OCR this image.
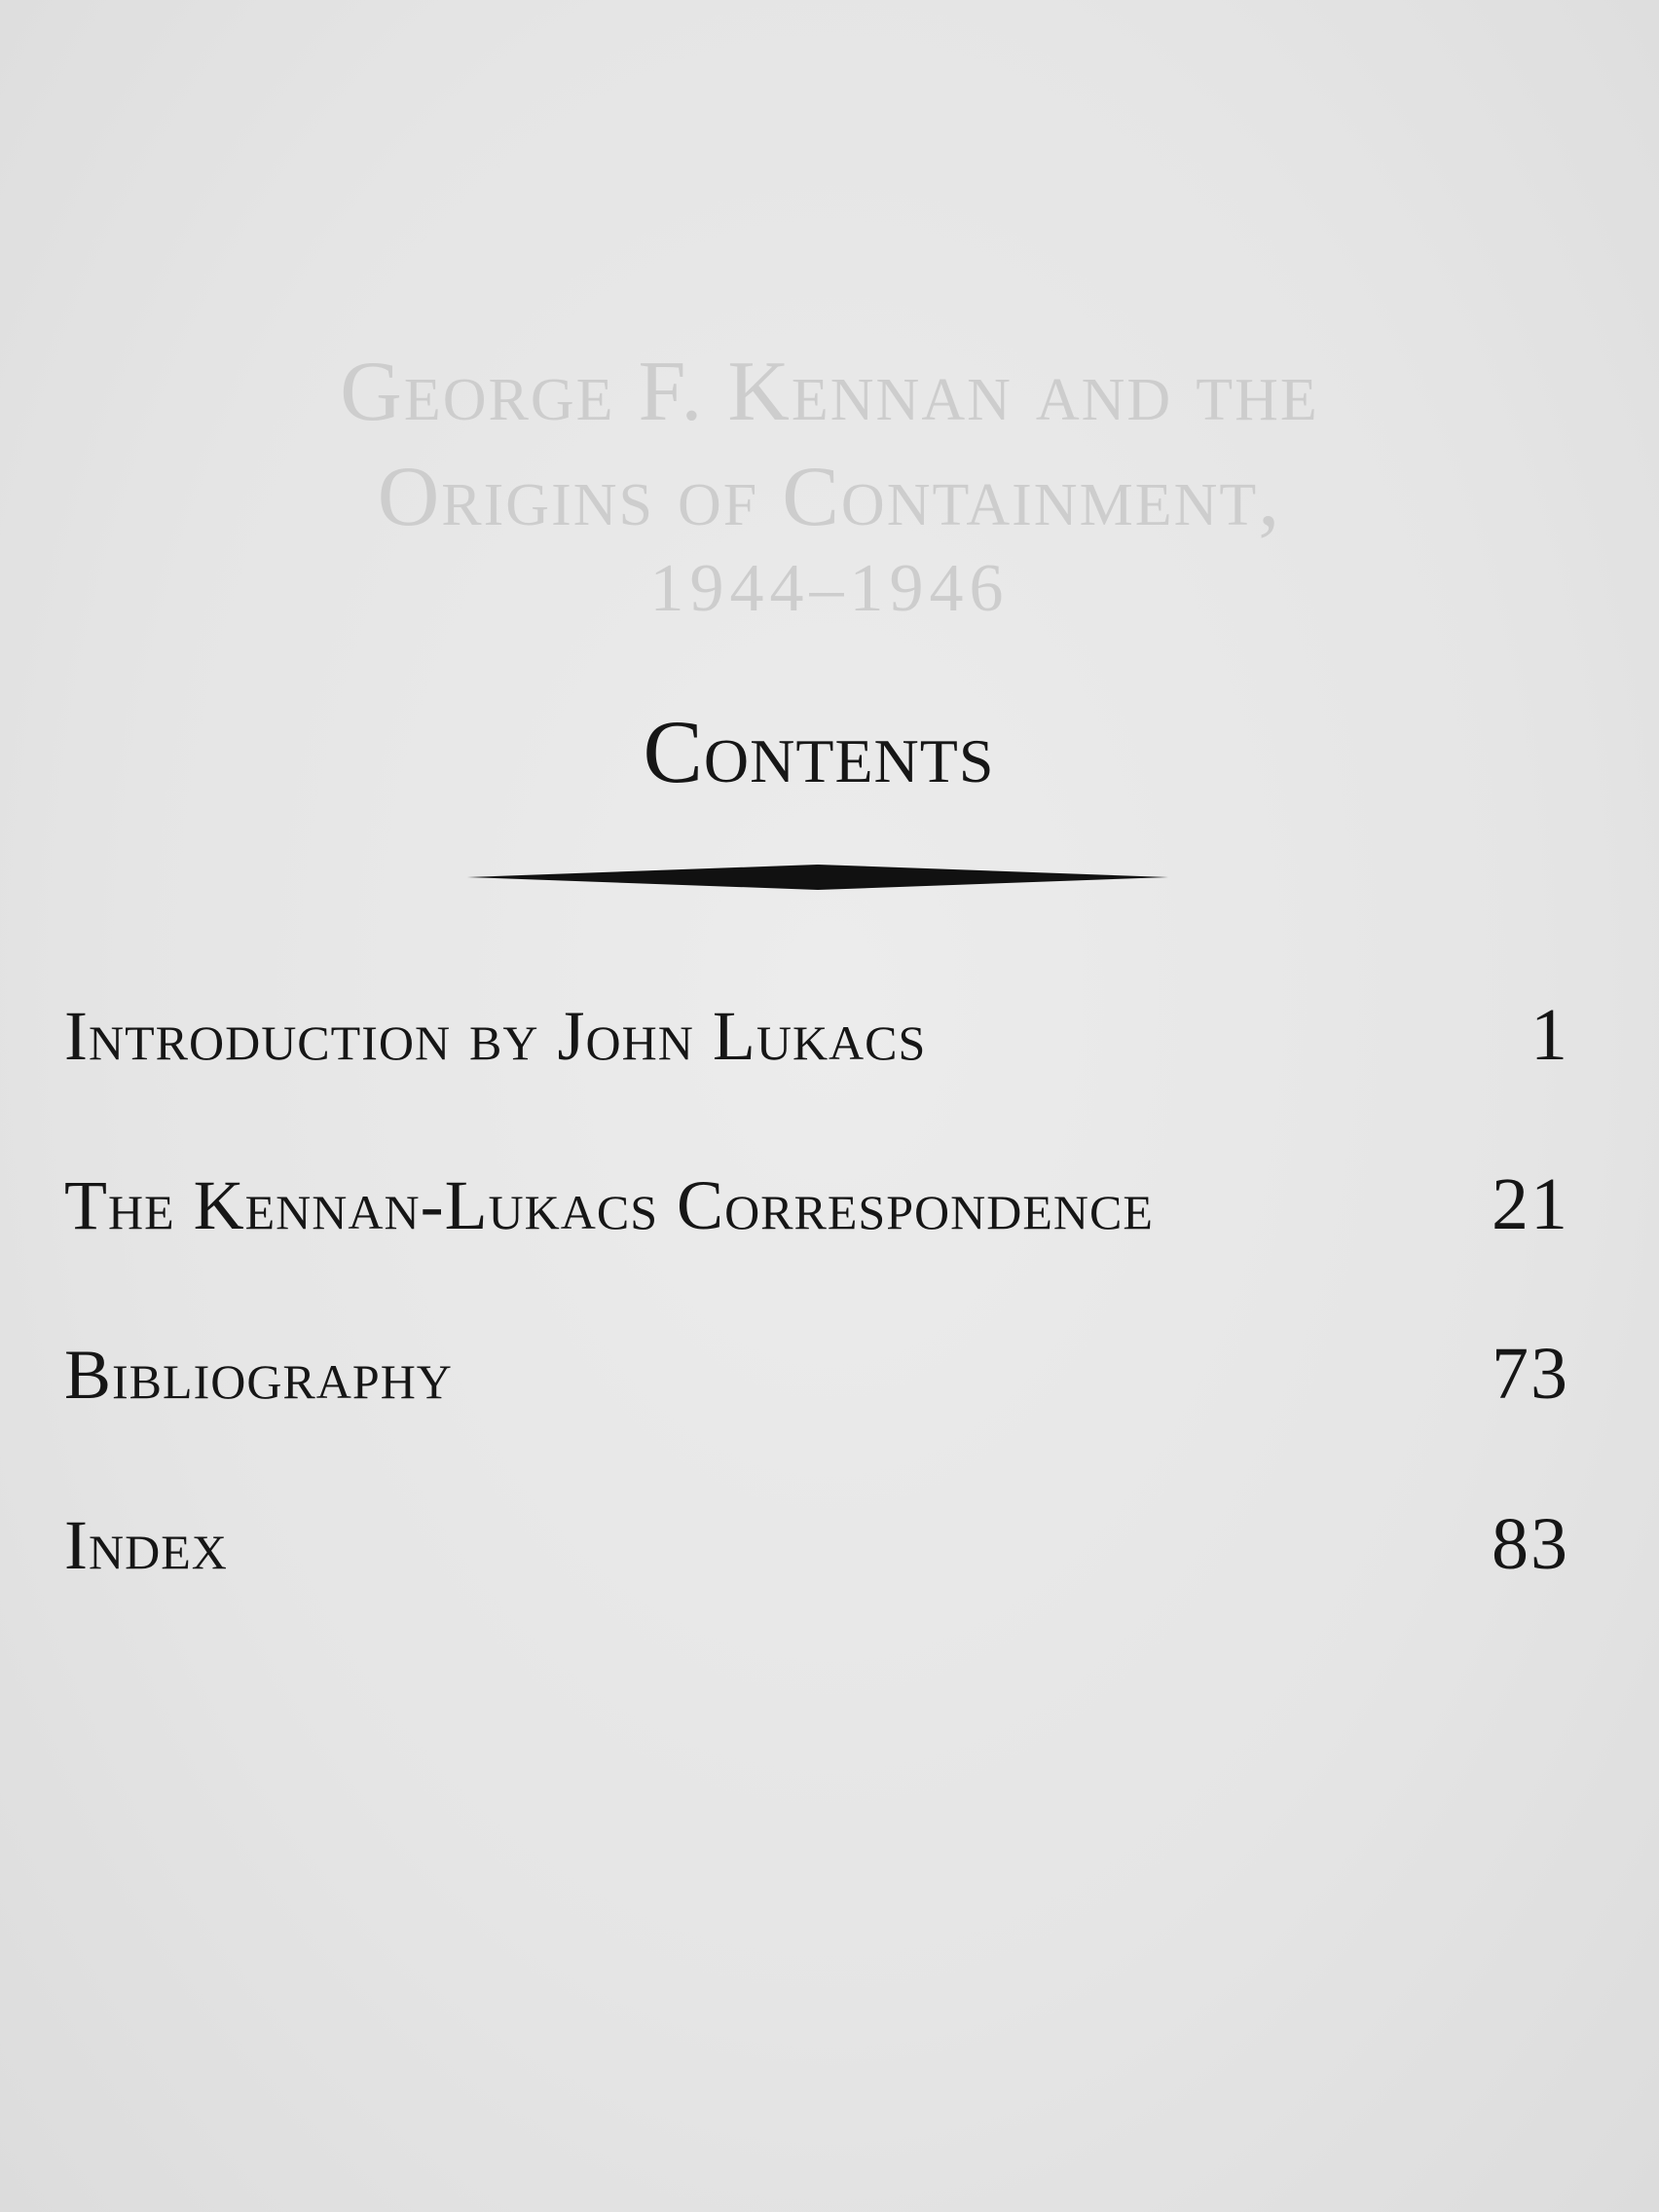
George F. Kennan and the
Origins of Containment,
1944–1946
Contents
Introduction by John Lukacs	1
The Kennan-Lukacs Correspondence	21
Bibliography	73
Index	83
